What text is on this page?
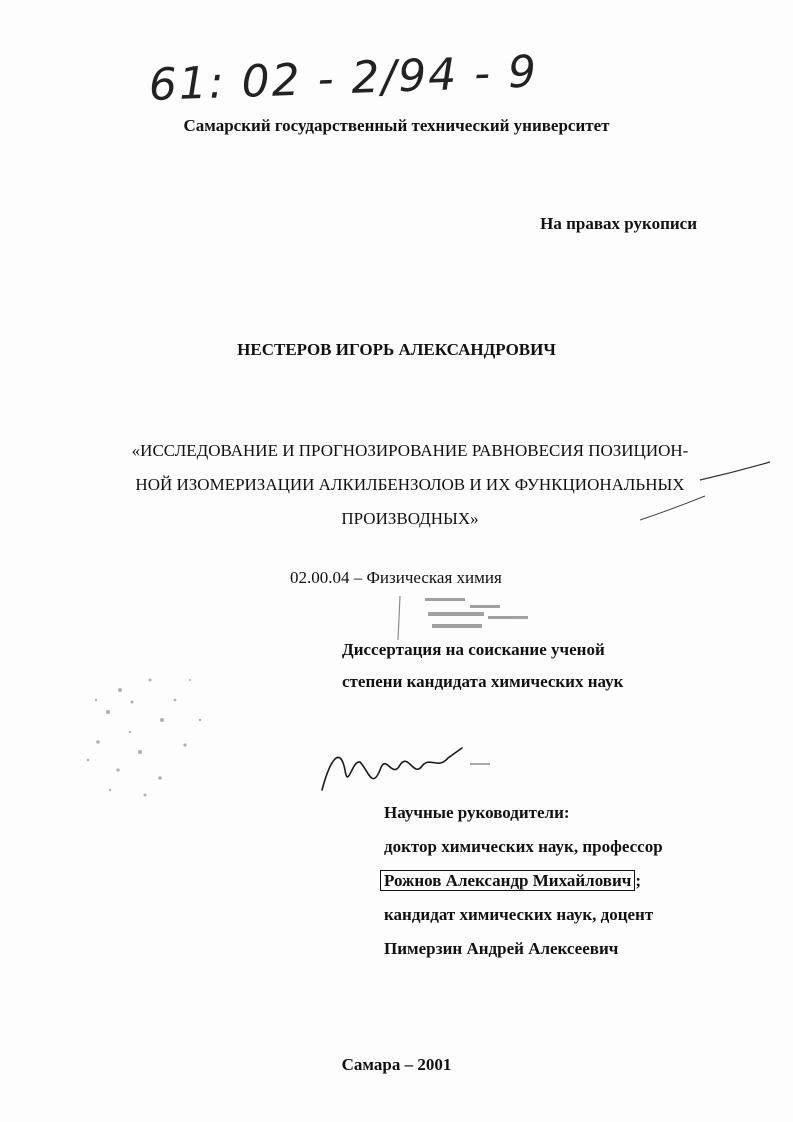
61: 02 - 2/94 - 9
Самарский государственный технический университет
На правах рукописи
НЕСТЕРОВ ИГОРЬ АЛЕКСАНДРОВИЧ
«ИССЛЕДОВАНИЕ И ПРОГНОЗИРОВАНИЕ РАВНОВЕСИЯ ПОЗИЦИОН-
НОЙ ИЗОМЕРИЗАЦИИ АЛКИЛБЕНЗОЛОВ И ИХ ФУНКЦИОНАЛЬНЫХ
ПРОИЗВОДНЫХ»
02.00.04 – Физическая химия
Диссертация на соискание ученой
степени кандидата химических наук
Научные руководители:
доктор химических наук, профессор
Рожнов Александр Михайлович ;
кандидат химических наук, доцент
Пимерзин Андрей Алексеевич
Самара – 2001
